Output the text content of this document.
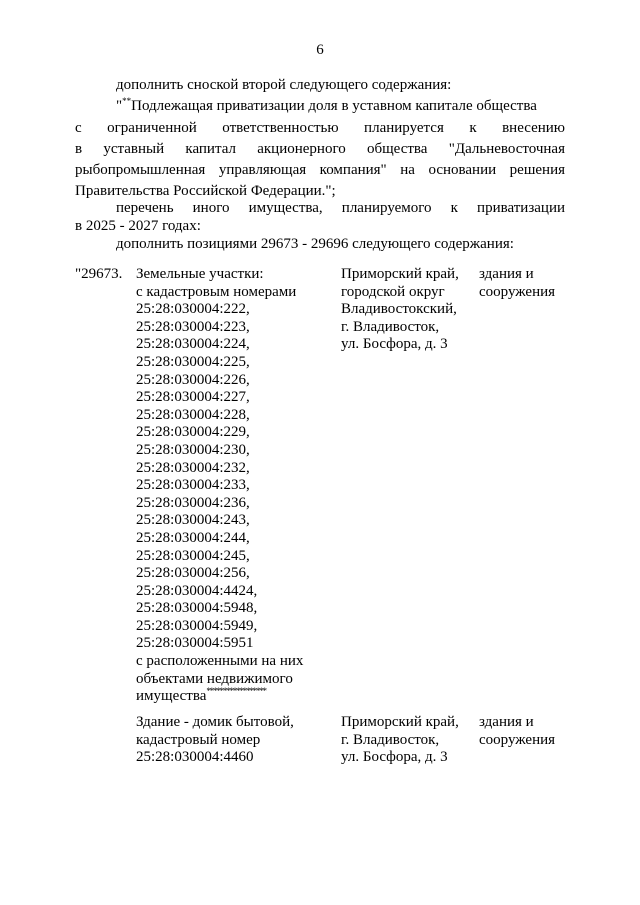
6
дополнить сноской второй следующего содержания:
"**Подлежащая приватизации доля в уставном капитале общества
с ограниченной ответственностью планируется к внесению
в уставный капитал акционерного общества "Дальневосточная
рыбопромышленная управляющая компания" на основании решения
Правительства Российской Федерации.";
перечень иного имущества, планируемого к приватизации
в 2025 - 2027 годах:
дополнить позициями 29673 - 29696 следующего содержания:
"29673. Земельные участки:
с кадастровым номерами
25:28:030004:222,
25:28:030004:223,
25:28:030004:224,
25:28:030004:225,
25:28:030004:226,
25:28:030004:227,
25:28:030004:228,
25:28:030004:229,
25:28:030004:230,
25:28:030004:232,
25:28:030004:233,
25:28:030004:236,
25:28:030004:243,
25:28:030004:244,
25:28:030004:245,
25:28:030004:256,
25:28:030004:4424,
25:28:030004:5948,
25:28:030004:5949,
25:28:030004:5951
с расположенными на них
объектами недвижимого
имущества******************
Приморский край,
городской округ
Владивостокский,
г. Владивосток,
ул. Босфора, д. 3
здания и
сооружения
Здание - домик бытовой,
кадастровый номер
25:28:030004:4460
Приморский край,
г. Владивосток,
ул. Босфора, д. 3
здания и
сооружения
